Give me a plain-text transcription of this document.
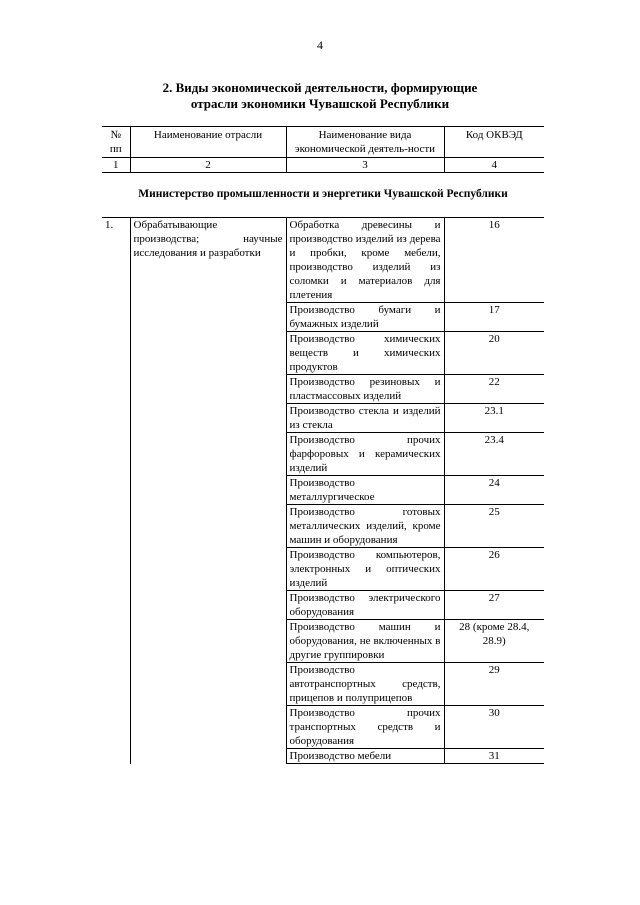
4
2. Виды экономической деятельности, формирующие
отрасли экономики Чувашской Республики
№ пп	Наименование отрасли	Наименование вида экономической деятель-ности	Код ОКВЭД
1	2	3	4
Министерство промышленности и энергетики Чувашской Республики			
1.	Обрабатывающие производства; научные исследования и разработки	Обработка древесины и производство изделий из дерева и пробки, кроме мебели, производство изделий из соломки и материалов для плетения	16
		Производство бумаги и бумажных изделий	17
		Производство химических веществ и химических продуктов	20
		Производство резиновых и пластмассовых изделий	22
		Производство стекла и изделий из стекла	23.1
		Производство прочих фарфоровых и керамических изделий	23.4
		Производство металлургическое	24
		Производство готовых металлических изделий, кроме машин и оборудования	25
		Производство компьютеров, электронных и оптических изделий	26
		Производство электрического оборудования	27
		Производство машин и оборудования, не включенных в другие группировки	28 (кроме 28.4, 28.9)
		Производство автотранспортных средств, прицепов и полуприцепов	29
		Производство прочих транспортных средств и оборудования	30
		Производство мебели	31
